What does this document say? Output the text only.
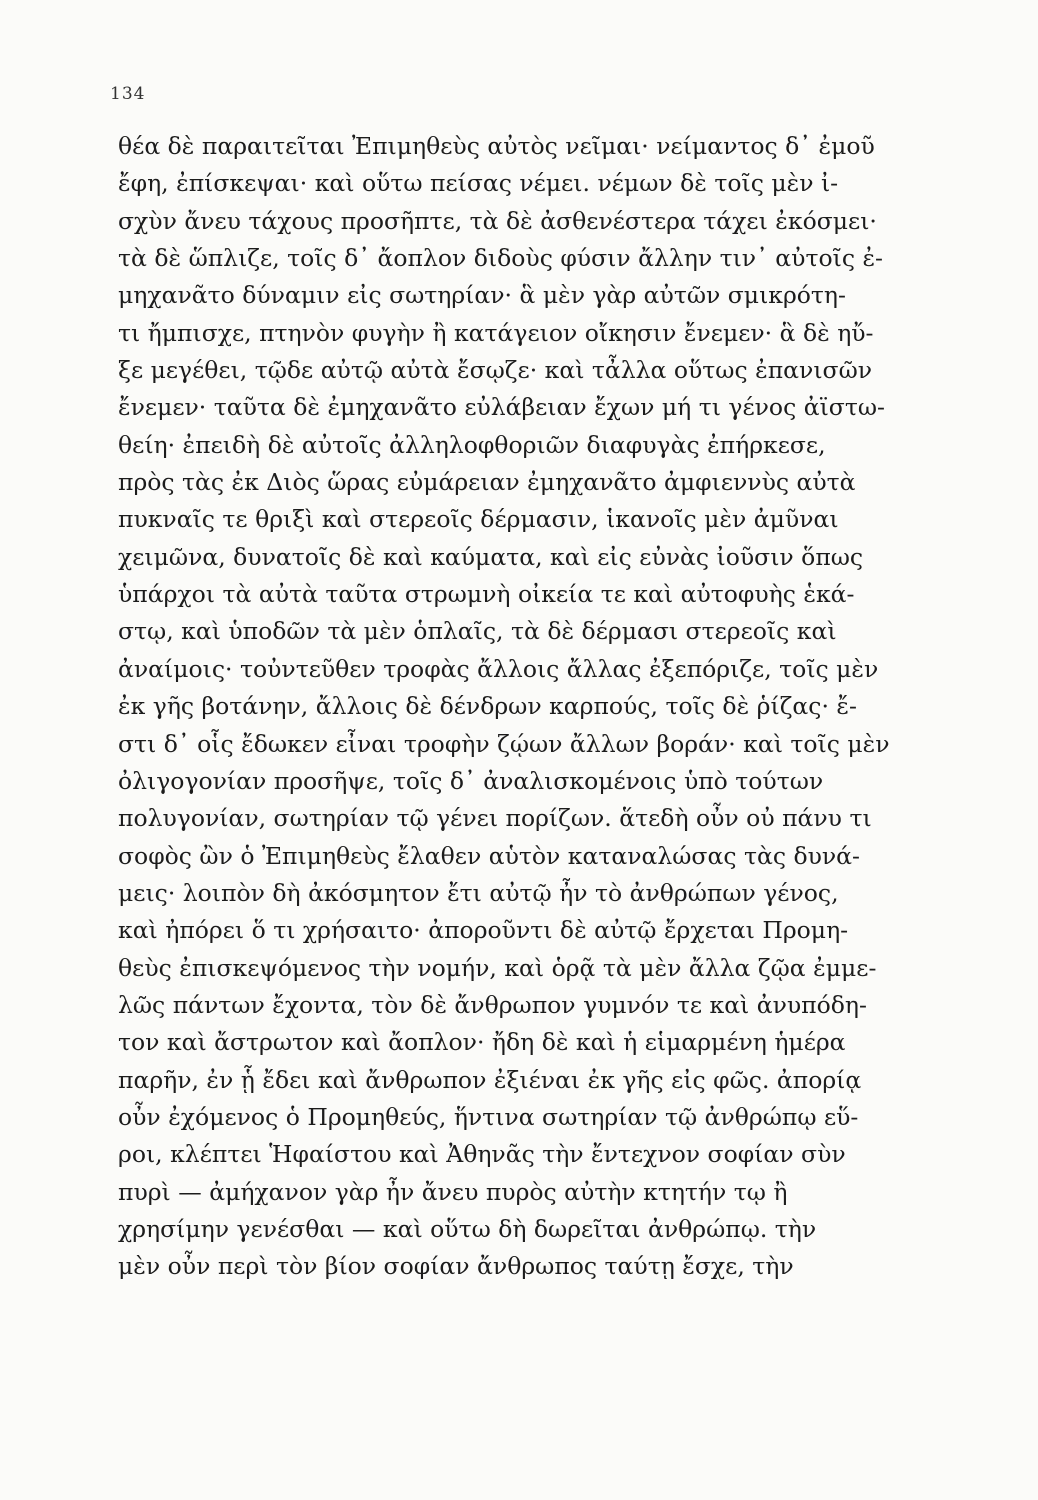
134
θέα δὲ παραιτεῖται Ἐπιμηθεὺς αὐτὸς νεῖμαι· νείμαντος δ᾽ ἐμοῦ
ἔφη, ἐπίσκεψαι· καὶ οὕτω πείσας νέμει. νέμων δὲ τοῖς μὲν ἰ-
σχὺν ἄνευ τάχους προσῆπτε, τὰ δὲ ἀσθενέστερα τάχει ἐκόσμει·
τὰ δὲ ὥπλιζε, τοῖς δ᾽ ἄοπλον διδοὺς φύσιν ἄλλην τιν᾽ αὐτοῖς ἐ-
μηχανᾶτο δύναμιν εἰς σωτηρίαν· ἃ μὲν γὰρ αὐτῶν σμικρότη-
τι ἤμπισχε, πτηνὸν φυγὴν ἢ κατάγειον οἴκησιν ἔνεμεν· ἃ δὲ ηὔ-
ξε μεγέθει, τῷδε αὐτῷ αὐτὰ ἔσῳζε· καὶ τἆλλα οὕτως ἐπανισῶν
ἔνεμεν· ταῦτα δὲ ἐμηχανᾶτο εὐλάβειαν ἔχων μή τι γένος ἀϊστω-
θείη· ἐπειδὴ δὲ αὐτοῖς ἀλληλοφθοριῶν διαφυγὰς ἐπήρκεσε,
πρὸς τὰς ἐκ Διὸς ὥρας εὐμάρειαν ἐμηχανᾶτο ἀμφιεννὺς αὐτὰ
πυκναῖς τε θριξὶ καὶ στερεοῖς δέρμασιν, ἱκανοῖς μὲν ἀμῦναι
χειμῶνα, δυνατοῖς δὲ καὶ καύματα, καὶ εἰς εὐνὰς ἰοῦσιν ὅπως
ὑπάρχοι τὰ αὐτὰ ταῦτα στρωμνὴ οἰκεία τε καὶ αὐτοφυὴς ἑκά-
στῳ, καὶ ὑποδῶν τὰ μὲν ὁπλαῖς, τὰ δὲ δέρμασι στερεοῖς καὶ
ἀναίμοις· τοὐντεῦθεν τροφὰς ἄλλοις ἄλλας ἐξεπόριζε, τοῖς μὲν
ἐκ γῆς βοτάνην, ἄλλοις δὲ δένδρων καρπούς, τοῖς δὲ ῥίζας· ἔ-
στι δ᾽ οἷς ἔδωκεν εἶναι τροφὴν ζῴων ἄλλων βοράν· καὶ τοῖς μὲν
ὀλιγογονίαν προσῆψε, τοῖς δ᾽ ἀναλισκομένοις ὑπὸ τούτων
πολυγονίαν, σωτηρίαν τῷ γένει πορίζων. ἅτεδὴ οὖν οὐ πάνυ τι
σοφὸς ὢν ὁ Ἐπιμηθεὺς ἔλαθεν αὑτὸν καταναλώσας τὰς δυνά-
μεις· λοιπὸν δὴ ἀκόσμητον ἔτι αὐτῷ ἦν τὸ ἀνθρώπων γένος,
καὶ ἠπόρει ὅ τι χρήσαιτο· ἀποροῦντι δὲ αὐτῷ ἔρχεται Προμη-
θεὺς ἐπισκεψόμενος τὴν νομήν, καὶ ὁρᾷ τὰ μὲν ἄλλα ζῷα ἐμμε-
λῶς πάντων ἔχοντα, τὸν δὲ ἄνθρωπον γυμνόν τε καὶ ἀνυπόδη-
τον καὶ ἄστρωτον καὶ ἄοπλον· ἤδη δὲ καὶ ἡ εἱμαρμένη ἡμέρα
παρῆν, ἐν ᾗ ἔδει καὶ ἄνθρωπον ἐξιέναι ἐκ γῆς εἰς φῶς. ἀπορίᾳ
οὖν ἐχόμενος ὁ Προμηθεύς, ἥντινα σωτηρίαν τῷ ἀνθρώπῳ εὕ-
ροι, κλέπτει Ἡφαίστου καὶ Ἀθηνᾶς τὴν ἔντεχνον σοφίαν σὺν
πυρὶ — ἀμήχανον γὰρ ἦν ἄνευ πυρὸς αὐτὴν κτητήν τῳ ἢ
χρησίμην γενέσθαι — καὶ οὕτω δὴ δωρεῖται ἀνθρώπῳ. τὴν
μὲν οὖν περὶ τὸν βίον σοφίαν ἄνθρωπος ταύτῃ ἔσχε, τὴν
